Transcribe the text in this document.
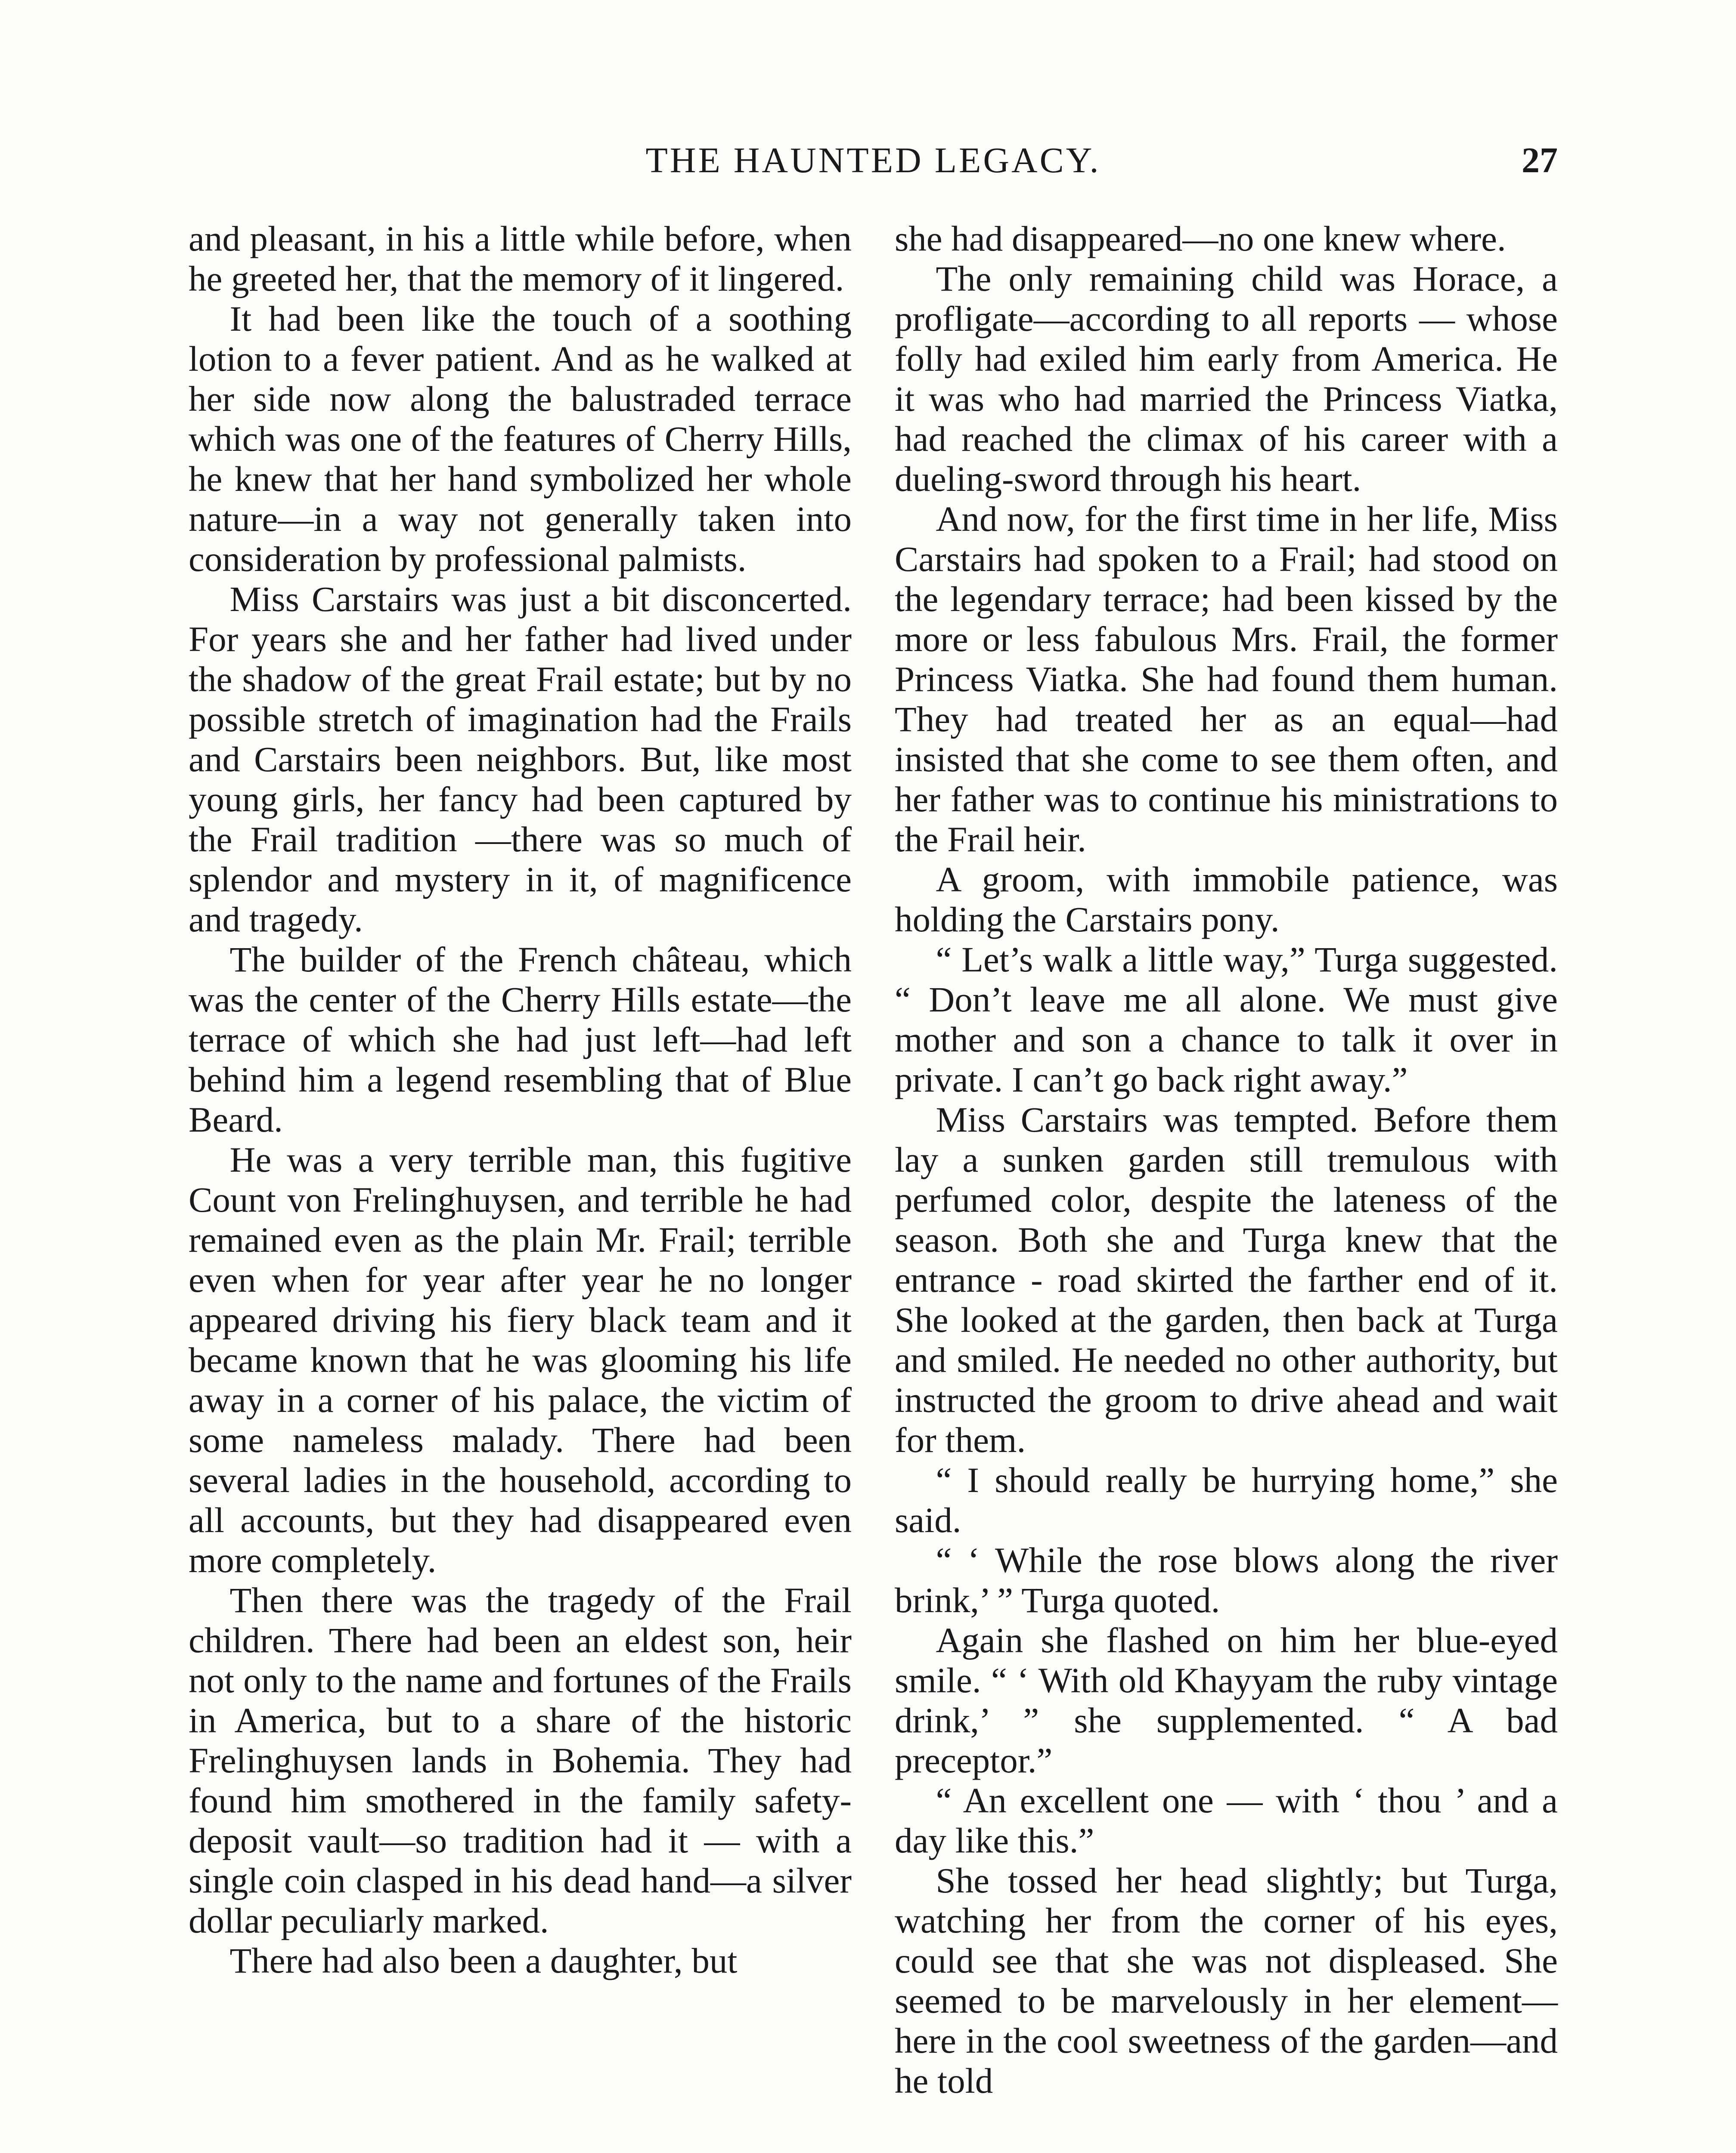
THE HAUNTED LEGACY.	27

and pleasant, in his a little while before, when he greeted her, that the memory of it lingered.

It had been like the touch of a soothing lotion to a fever patient. And as he walked at her side now along the balustraded terrace which was one of the features of Cherry Hills, he knew that her hand symbolized her whole nature—in a way not generally taken into consideration by professional palmists.

Miss Carstairs was just a bit disconcerted. For years she and her father had lived under the shadow of the great Frail estate; but by no possible stretch of imagination had the Frails and Carstairs been neighbors. But, like most young girls, her fancy had been captured by the Frail tradition —there was so much of splendor and mystery in it, of magnificence and tragedy.

The builder of the French château, which was the center of the Cherry Hills estate—the terrace of which she had just left—had left behind him a legend resembling that of Blue Beard.

He was a very terrible man, this fugitive Count von Frelinghuysen, and terrible he had remained even as the plain Mr. Frail; terrible even when for year after year he no longer appeared driving his fiery black team and it became known that he was glooming his life away in a corner of his palace, the victim of some nameless malady. There had been several ladies in the household, according to all accounts, but they had disappeared even more completely.

Then there was the tragedy of the Frail children. There had been an eldest son, heir not only to the name and fortunes of the Frails in America, but to a share of the historic Frelinghuysen lands in Bohemia. They had found him smothered in the family safety-deposit vault—so tradition had it — with a single coin clasped in his dead hand—a silver dollar peculiarly marked.

There had also been a daughter, but

she had disappeared—no one knew where.

The only remaining child was Horace, a profligate—according to all reports — whose folly had exiled him early from America. He it was who had married the Princess Viatka, had reached the climax of his career with a dueling-sword through his heart.

And now, for the first time in her life, Miss Carstairs had spoken to a Frail; had stood on the legendary terrace; had been kissed by the more or less fabulous Mrs. Frail, the former Princess Viatka. She had found them human. They had treated her as an equal—had insisted that she come to see them often, and her father was to continue his ministrations to the Frail heir.

A groom, with immobile patience, was holding the Carstairs pony.

“ Let’s walk a little way,” Turga suggested. “ Don’t leave me all alone. We must give mother and son a chance to talk it over in private. I can’t go back right away.”

Miss Carstairs was tempted. Before them lay a sunken garden still tremulous with perfumed color, despite the lateness of the season. Both she and Turga knew that the entrance - road skirted the farther end of it. She looked at the garden, then back at Turga and smiled. He needed no other authority, but instructed the groom to drive ahead and wait for them.

“ I should really be hurrying home,” she said.

“ ‘ While the rose blows along the river brink,’ ” Turga quoted.

Again she flashed on him her blue-eyed smile. “ ‘ With old Khayyam the ruby vintage drink,’ ” she supplemented. “ A bad preceptor.”

“ An excellent one — with ‘ thou ’ and a day like this.”

She tossed her head slightly; but Turga, watching her from the corner of his eyes, could see that she was not displeased. She seemed to be marvelously in her element—here in the cool sweetness of the garden—and he told
